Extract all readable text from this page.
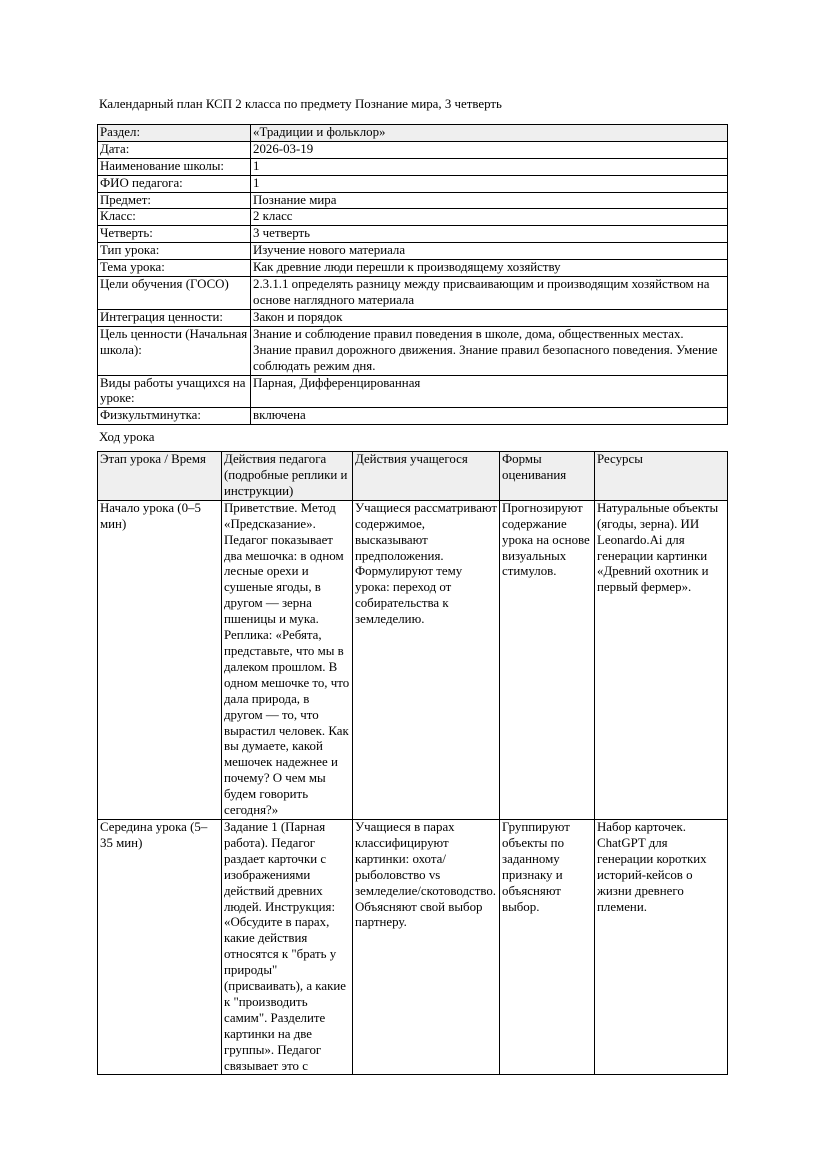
Календарный план КСП 2 класса по предмету Познание мира, 3 четверть
Раздел:	«Традиции и фольклор»
Дата:	2026-03-19
Наименование школы:	1
ФИО педагога:	1
Предмет:	Познание мира
Класс:	2 класс
Четверть:	3 четверть
Тип урока:	Изучение нового материала
Тема урока:	Как древние люди перешли к производящему хозяйству
Цели обучения (ГОСО)	2.3.1.1 определять разницу между присваивающим и производящим хозяйством на основе наглядного материала
Интеграция ценности:	Закон и порядок
Цель ценности (Начальная школа):	Знание и соблюдение правил поведения в школе, дома, общественных местах. Знание правил дорожного движения. Знание правил безопасного поведения. Умение соблюдать режим дня.
Виды работы учащихся на уроке:	Парная, Дифференцированная
Физкультминутка:	включена
Ход урока
Этап урока / Время	Действия педагога (подробные реплики и инструкции)	Действия учащегося	Формы оценивания	Ресурсы
Начало урока (0–5 мин)	Приветствие. Метод «Предсказание». Педагог показывает два мешочка: в одном лесные орехи и сушеные ягоды, в другом — зерна пшеницы и мука. Реплика: «Ребята, представьте, что мы в далеком прошлом. В одном мешочке то, что дала природа, в другом — то, что вырастил человек. Как вы думаете, какой мешочек надежнее и почему? О чем мы будем говорить сегодня?»	Учащиеся рассматривают содержимое, высказывают предположения. Формулируют тему урока: переход от собирательства к земледелию.	Прогнозируют содержание урока на основе визуальных стимулов.	Натуральные объекты (ягоды, зерна). ИИ Leonardo.Ai для генерации картинки «Древний охотник и первый фермер».
Середина урока (5–35 мин)	Задание 1 (Парная работа). Педагог раздает карточки с изображениями действий древних людей. Инструкция: «Обсудите в парах, какие действия относятся к "брать у природы" (присваивать), а какие к "производить самим". Разделите картинки на две группы». Педагог связывает это с	Учащиеся в парах классифицируют картинки: охота/рыболовство vs земледелие/скотоводство. Объясняют свой выбор партнеру.	Группируют объекты по заданному признаку и объясняют выбор.	Набор карточек. ChatGPT для генерации коротких историй-кейсов о жизни древнего племени.
